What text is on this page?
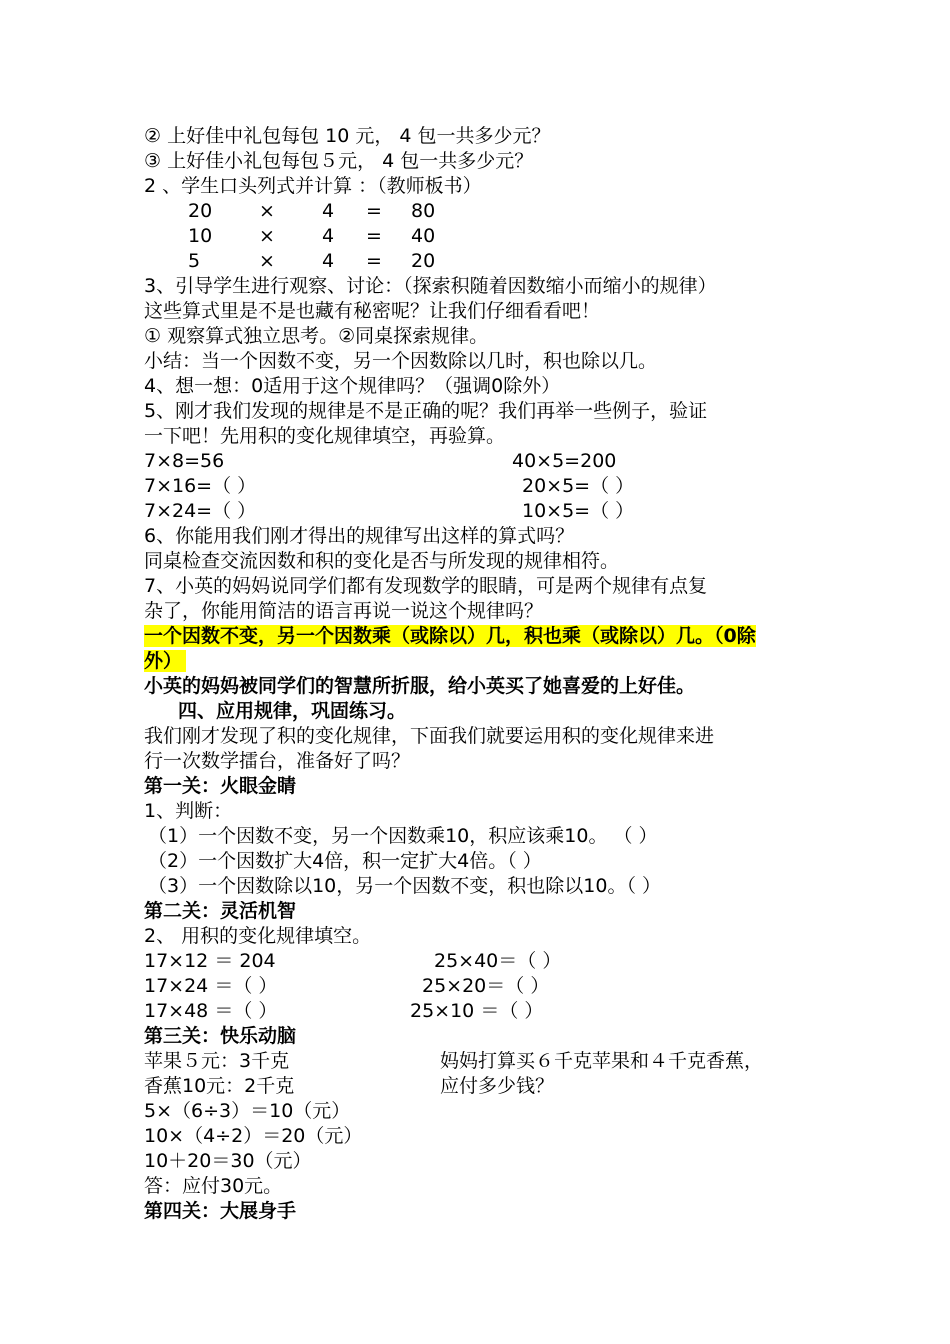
② 上好佳中礼包每包 10 元， 4 包一共多少元？
③ 上好佳小礼包每包５元， 4 包一共多少元？
2 、学生口头列式并计算 ：（教师板书）
20 × 4 = 80
10 × 4 = 40
5	× 4 = 20
3、引导学生进行观察、讨论：（探索积随着因数缩小而缩小的规律）
这些算式里是不是也藏有秘密呢？让我们仔细看看吧！
① 观察算式独立思考。②同桌探索规律。
小结：当一个因数不变，另一个因数除以几时，积也除以几。
4、想一想：0适用于这个规律吗？（强调0除外）
5、刚才我们发现的规律是不是正确的呢？我们再举一些例子，验证
一下吧！先用积的变化规律填空，再验算。
7×8=56	40×5=200
7×16=（ ）	20×5=（ ）
7×24=（ ）	10×5=（ ）
6、你能用我们刚才得出的规律写出这样的算式吗？
同桌检查交流因数和积的变化是否与所发现的规律相符。
7、小英的妈妈说同学们都有发现数学的眼睛，可是两个规律有点复
杂了，你能用简洁的语言再说一说这个规律吗？
一个因数不变，另一个因数乘（或除以）几，积也乘（或除以）几。（0除
外）
小英的妈妈被同学们的智慧所折服，给小英买了她喜爱的上好佳。
四、应用规律，巩固练习。
我们刚才发现了积的变化规律，下面我们就要运用积的变化规律来进
行一次数学擂台，准备好了吗？
第一关：火眼金睛
1、判断：
（1）一个因数不变，另一个因数乘10，积应该乘10。 （ ）
（2）一个因数扩大4倍，积一定扩大4倍。（ ）
（3）一个因数除以10，另一个因数不变，积也除以10。（ ）
第二关：灵活机智
2、 用积的变化规律填空。
17×12 ＝ 204	25×40＝（ ）
17×24 ＝（ ）	25×20＝（ ）
17×48 ＝（ ）	25×10 ＝（ ）
第三关：快乐动脑
苹果５元：3千克
香蕉10元：2千克
妈妈打算买６千克苹果和４千克香蕉，
应付多少钱？
5×（6÷3）＝10（元）
10×（4÷2）＝20（元）
10＋20＝30（元）
答：应付30元。
第四关：大展身手
